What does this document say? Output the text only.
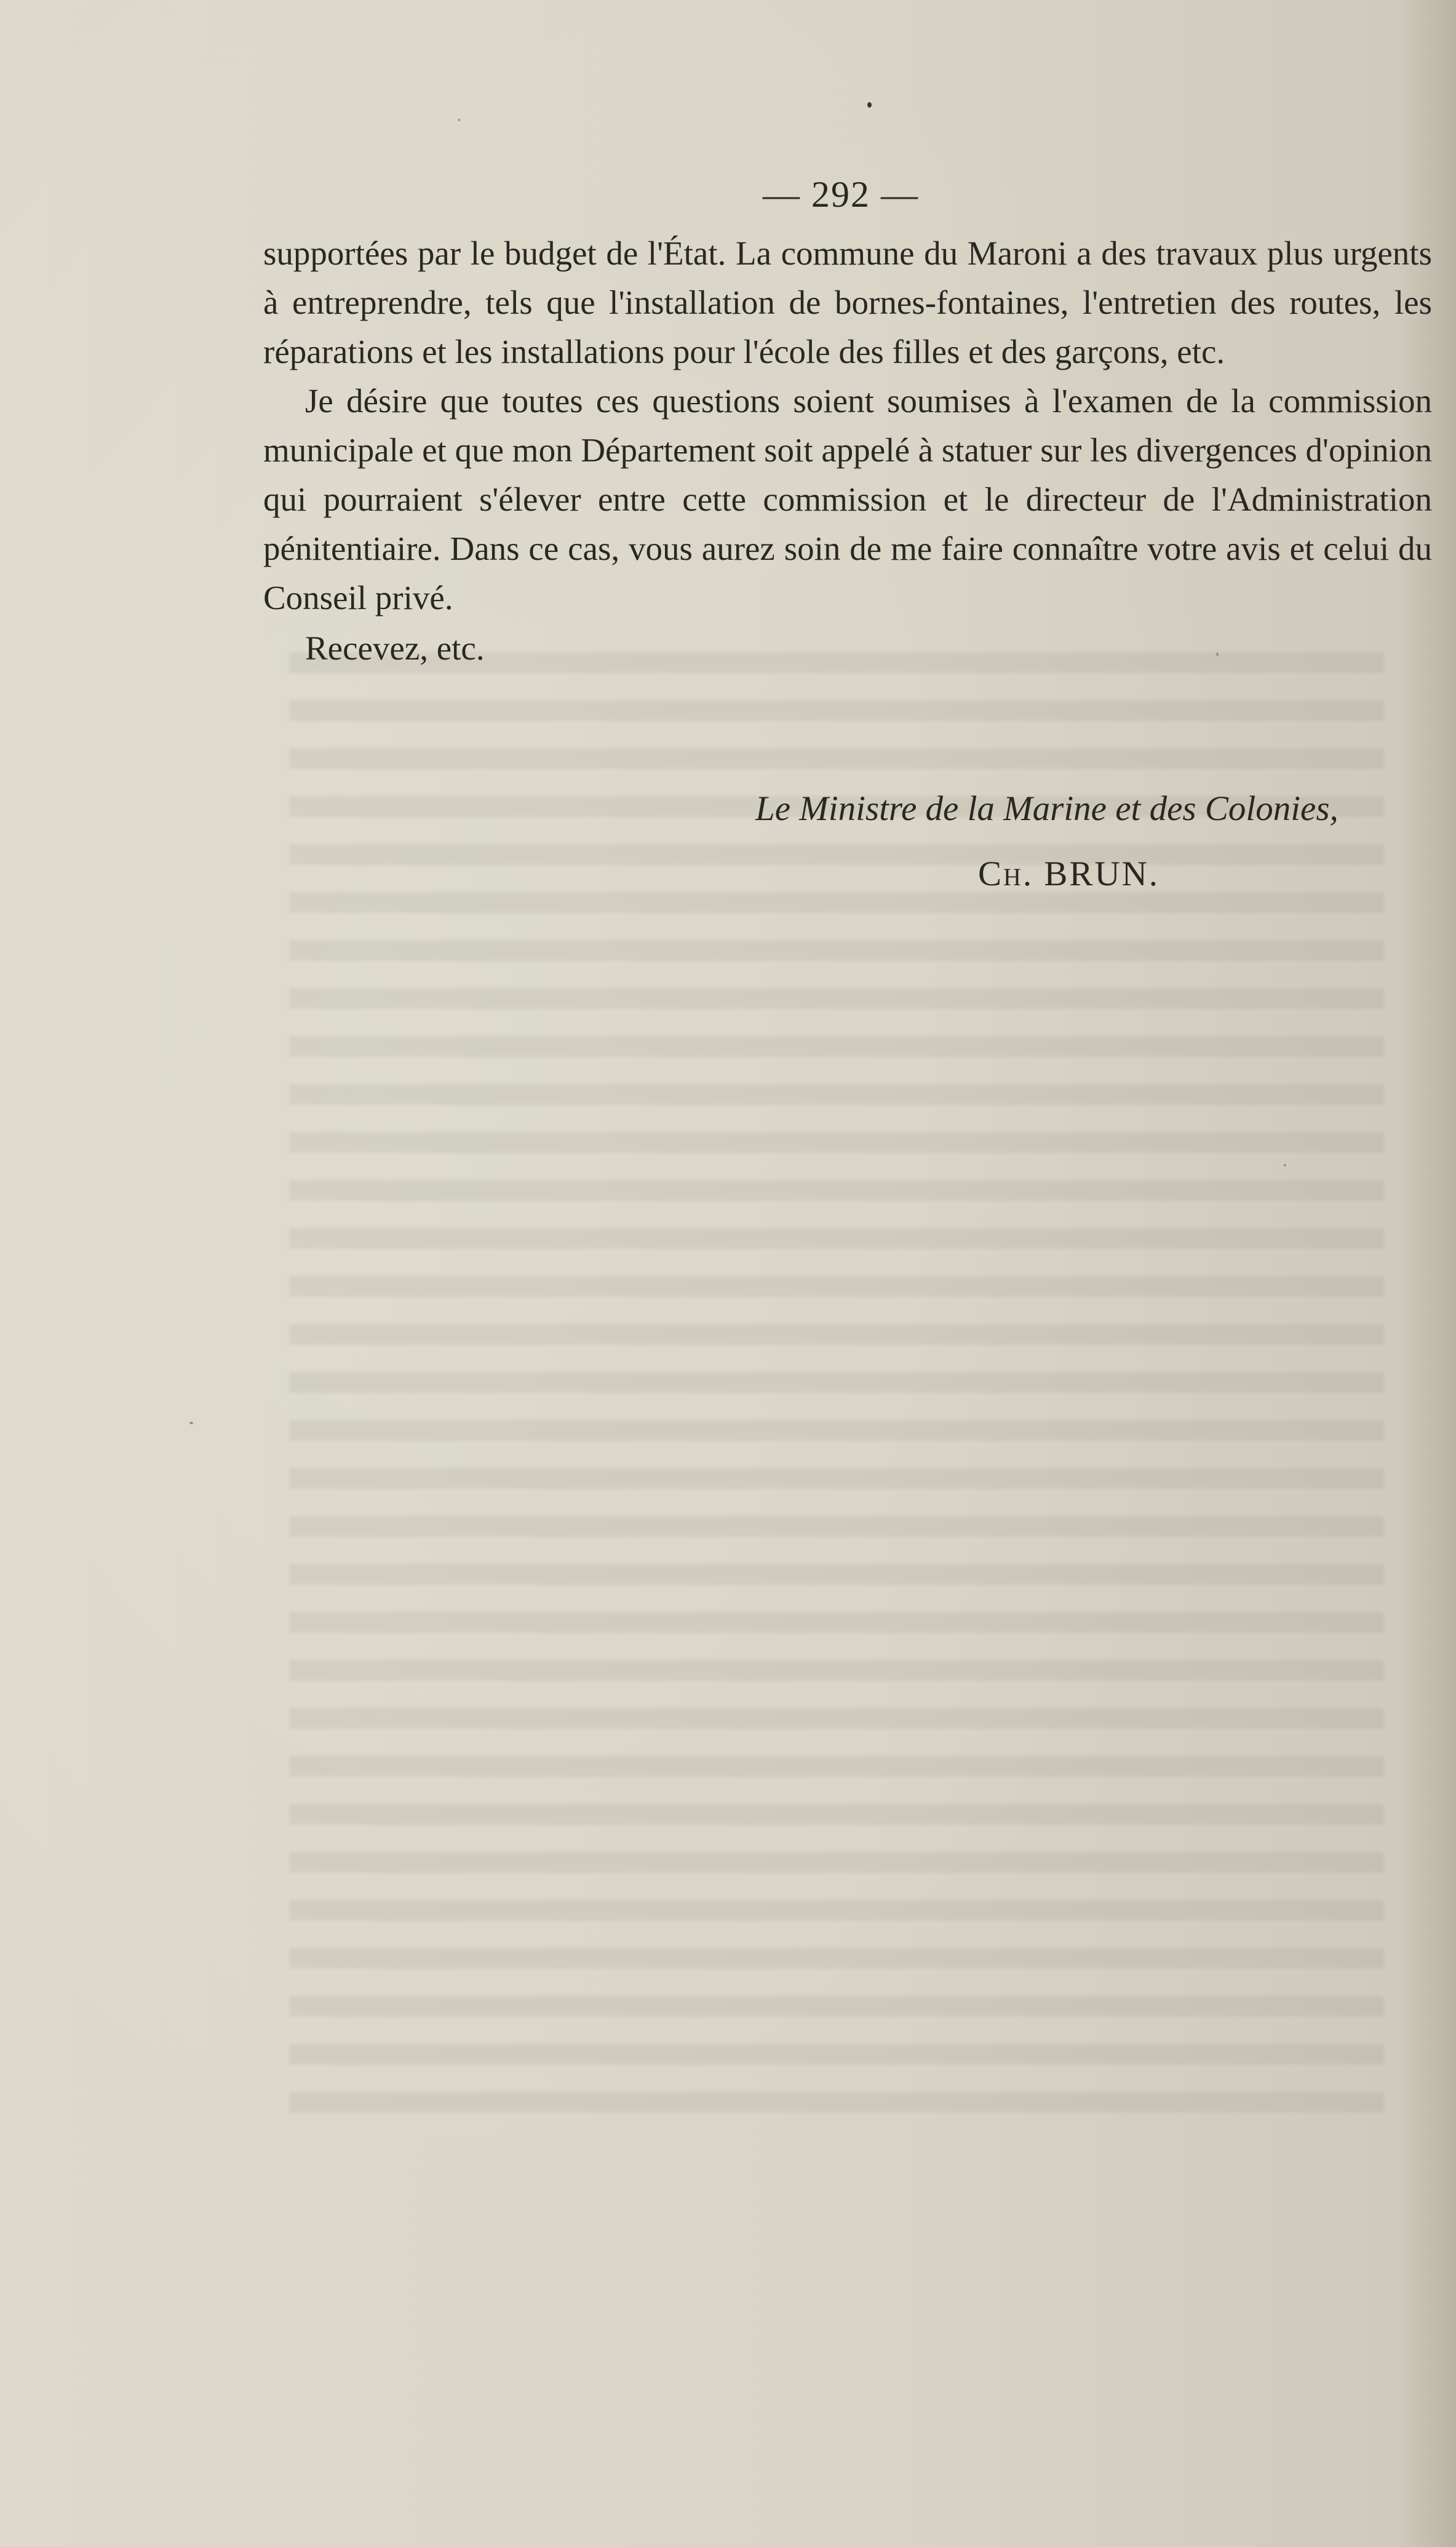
— 292 —

supportées par le budget de l'État. La commune du Maroni a des travaux plus urgents à entreprendre, tels que l'installation de bornes-fontaines, l'entretien des routes, les réparations et les installations pour l'école des filles et des garçons, etc.

Je désire que toutes ces questions soient soumises à l'examen de la commission municipale et que mon Département soit appelé à statuer sur les divergences d'opinion qui pourraient s'élever entre cette commission et le directeur de l'Administration pénitentiaire. Dans ce cas, vous aurez soin de me faire connaître votre avis et celui du Conseil privé.

Recevez, etc.

Le Ministre de la Marine et des Colonies,
Ch. BRUN.
